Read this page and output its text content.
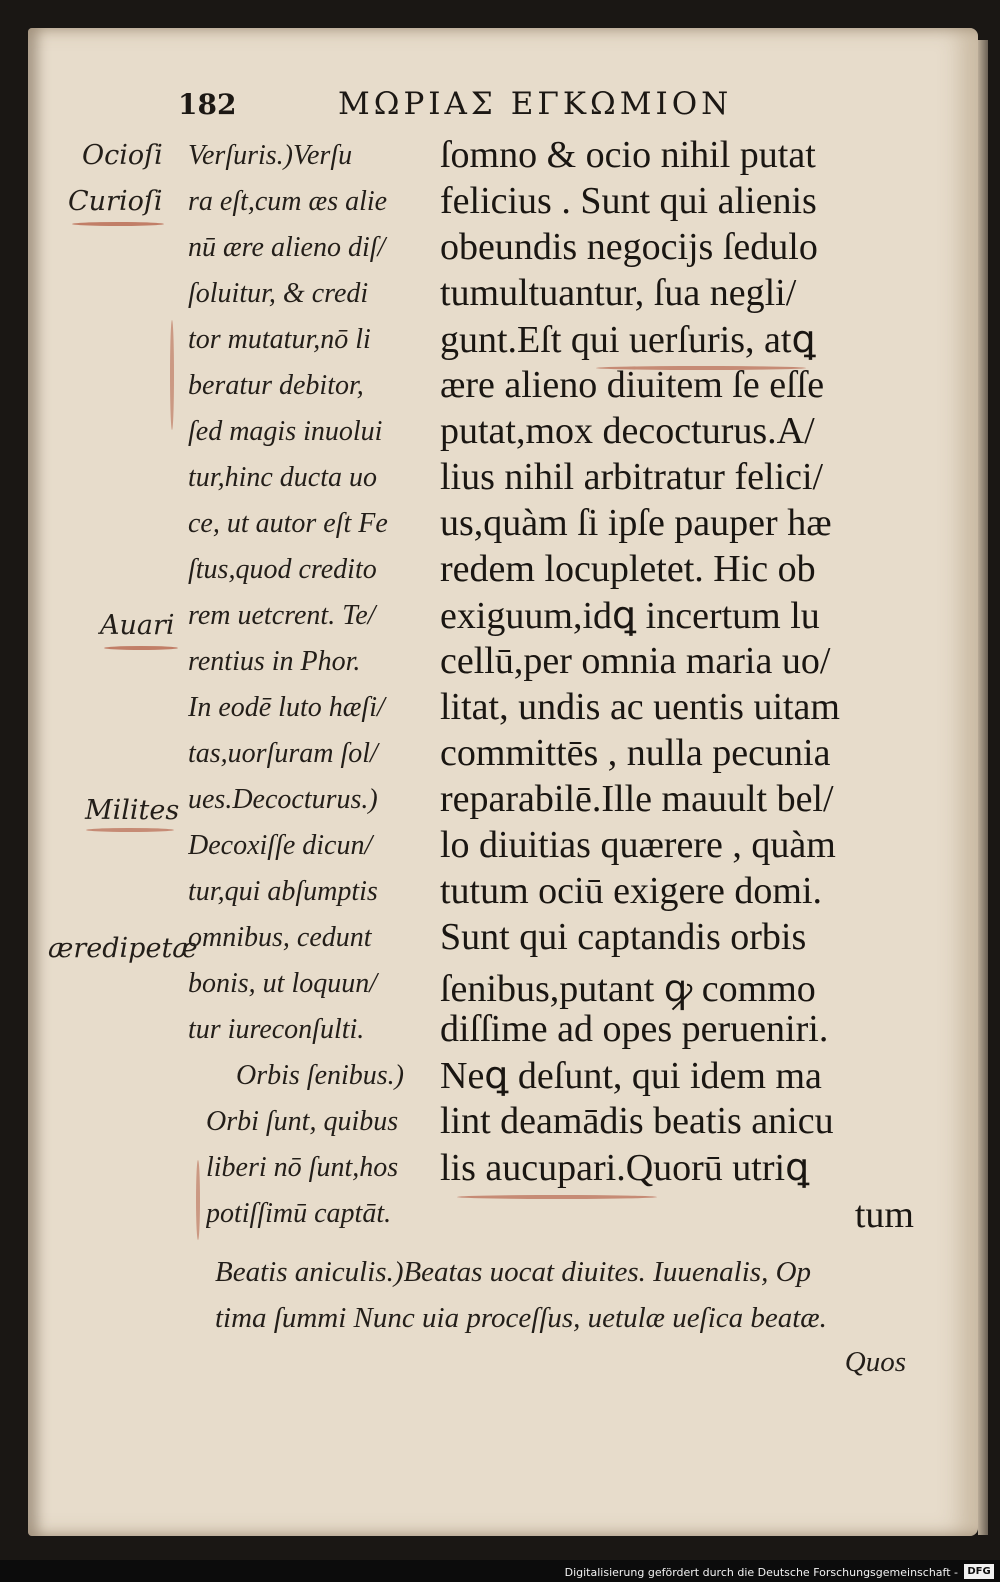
182	ΜΩΡΙΑΣ ΕΓΚΩΜΙΟΝ
Ocioſi
Curioſi
Auari
Milites
æredipetæ
Verſuris.)Verſu
ra eſt,cum æs alie
nū ære alieno diſ/
ſoluitur, & credi
tor mutatur,nō li
beratur debitor,
ſed magis inuolui
tur,hinc ducta uo
ce, ut autor eſt Fe
ſtus,quod credito
rem uetcrent. Te/
rentius in Phor.
In eodē luto hæſi/
tas,uorſuram ſol/
ues.Decocturus.)
Decoxiſſe dicun/
tur,qui abſumptis
omnibus, cedunt
bonis, ut loquun/
tur iureconſulti.
Orbis ſenibus.)
Orbi ſunt, quibus
liberi nō ſunt,hos
potiſſimū captāt.
ſomno & ocio nihil putat
felicius . Sunt qui alienis
obeundis negocijs ſedulo
tumultuantur, ſua negli/
gunt.Eſt qui uerſuris, atꝗ
ære alieno diuitem ſe eſſe
putat,mox decocturus.A/
lius nihil arbitratur felici/
us,quàm ſi ipſe pauper hæ
redem locupletet. Hic ob
exiguum,idꝗ incertum lu
cellū,per omnia maria uo/
litat, undis ac uentis uitam
committēs , nulla pecunia
reparabilē.Ille mauult bel/
lo diuitias quærere , quàm
tutum ociū exigere domi.
Sunt qui captandis orbis
ſenibus,putant ꝙ commo
diſſime ad opes perueniri.
Neꝗ deſunt, qui idem ma
lint deamādis beatis anicu
lis aucupari.Quorū utriꝗ
tum
Beatis aniculis.)Beatas uocat diuites. Iuuenalis, Op
tima ſummi Nunc uia proceſſus, uetulæ ueſica beatæ.
Quos
Digitalisierung gefördert durch die Deutsche Forschungsgemeinschaft - DFG
